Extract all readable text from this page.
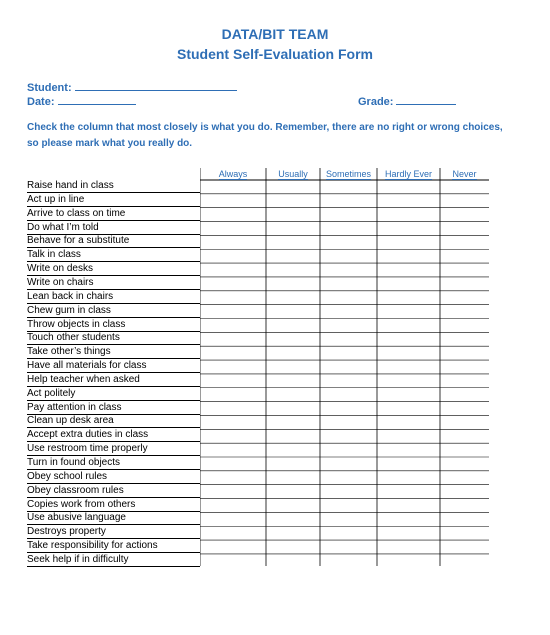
DATA/BIT TEAM
Student Self-Evaluation Form
Student:
Date:	Grade:
Check the column that most closely is what you do. Remember, there are no right or wrong choices, so please mark what you really do.
Always	Usually	Sometimes	Hardly Ever	Never
Raise hand in class
Act up in line
Arrive to class on time
Do what I’m told
Behave for a substitute
Talk in class
Write on desks
Write on chairs
Lean back in chairs
Chew gum in class
Throw objects in class
Touch other students
Take other’s things
Have all materials for class
Help teacher when asked
Act politely
Pay attention in class
Clean up desk area
Accept extra duties in class
Use restroom time properly
Turn in found objects
Obey school rules
Obey classroom rules
Copies work from others
Use abusive language
Destroys property
Take responsibility for actions
Seek help if in difficulty
